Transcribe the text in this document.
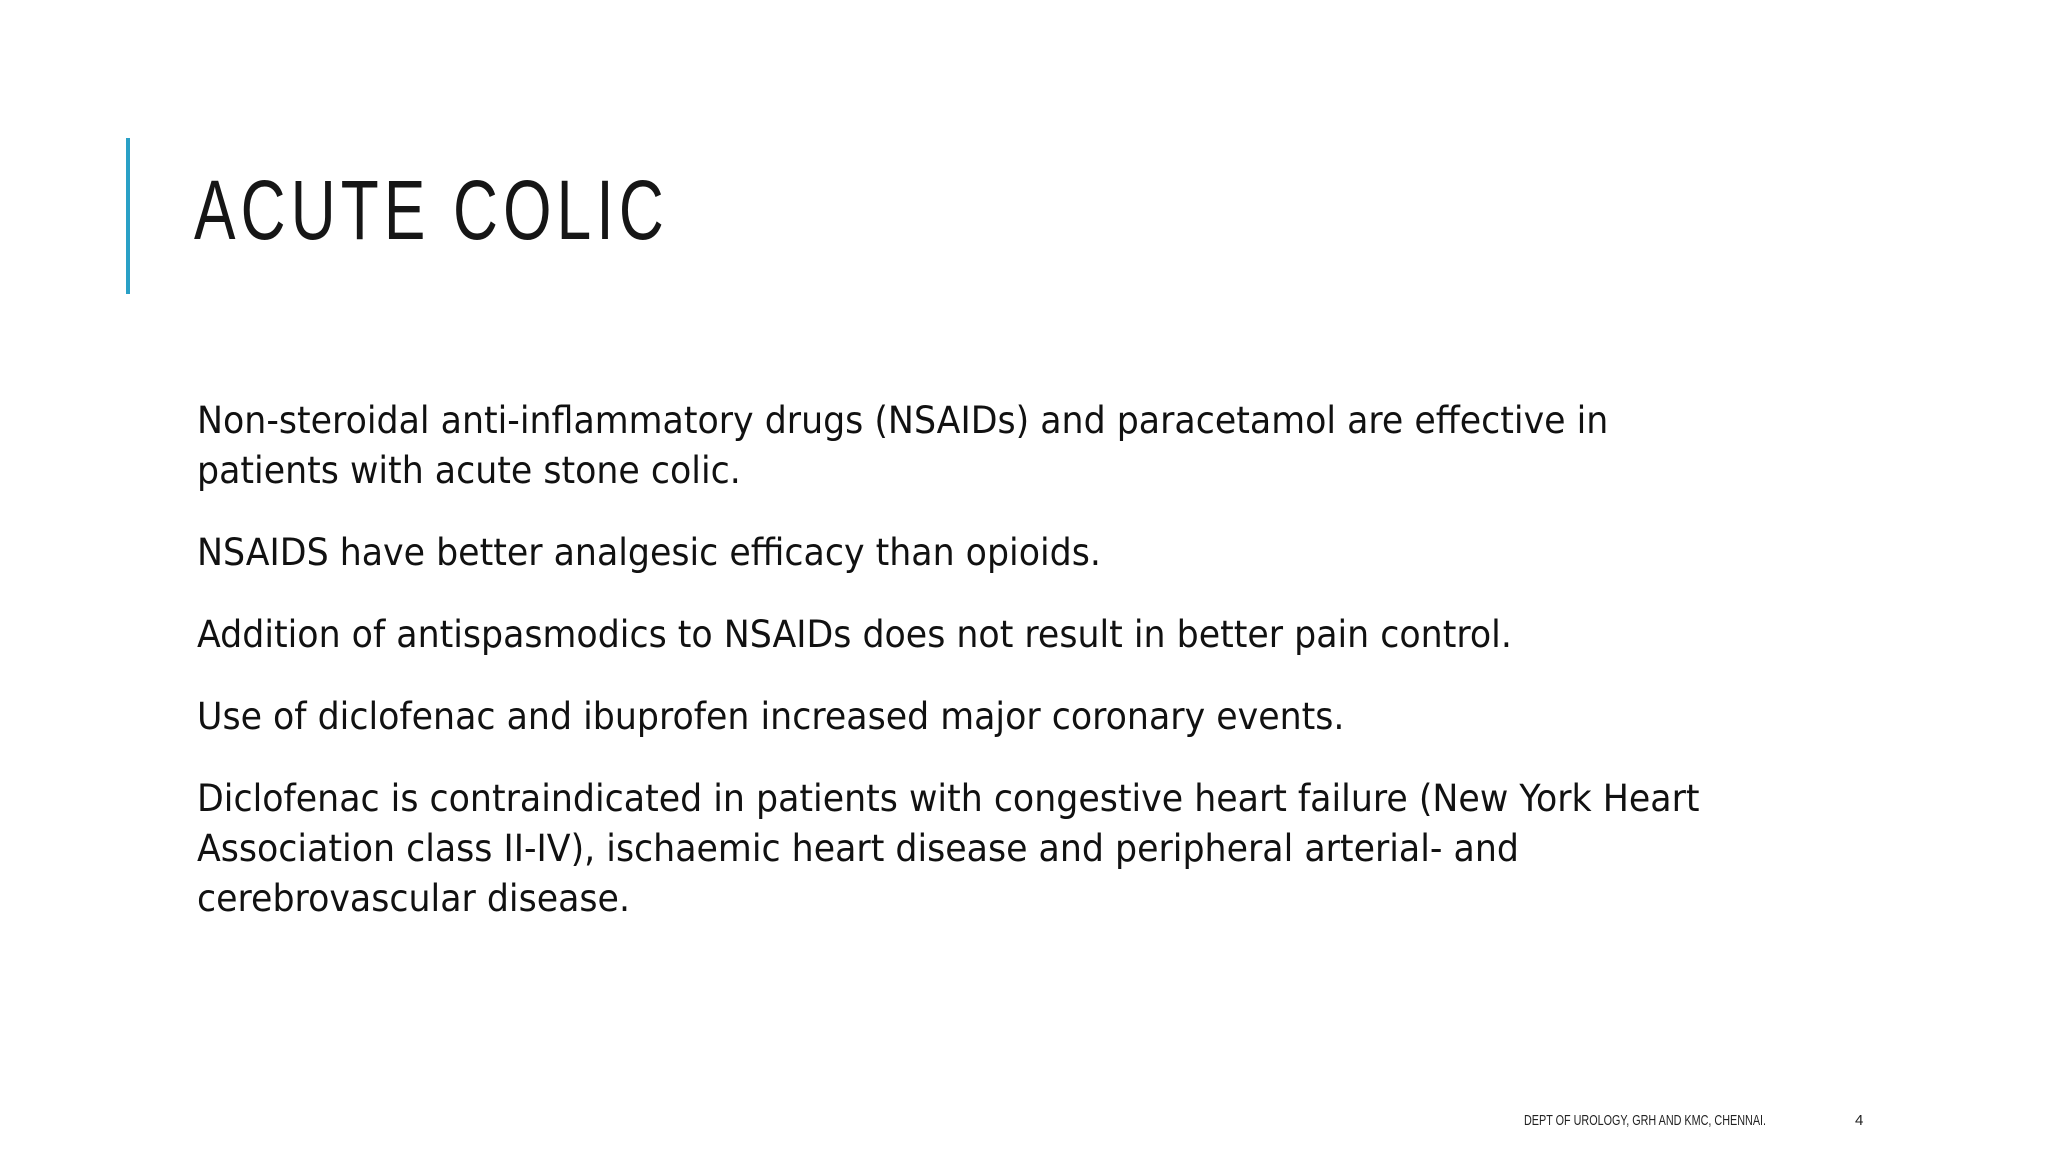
ACUTE COLIC
Non-steroidal anti-inflammatory drugs (NSAIDs) and paracetamol are effective in patients with acute stone colic.
NSAIDS have better analgesic efficacy than opioids.
Addition of antispasmodics to NSAIDs does not result in better pain control.
Use of diclofenac and ibuprofen increased major coronary events.
Diclofenac is contraindicated in patients with congestive heart failure (New York Heart Association class II-IV), ischaemic heart disease and peripheral arterial- and cerebrovascular disease.
DEPT OF UROLOGY, GRH AND KMC, CHENNAI.	4
